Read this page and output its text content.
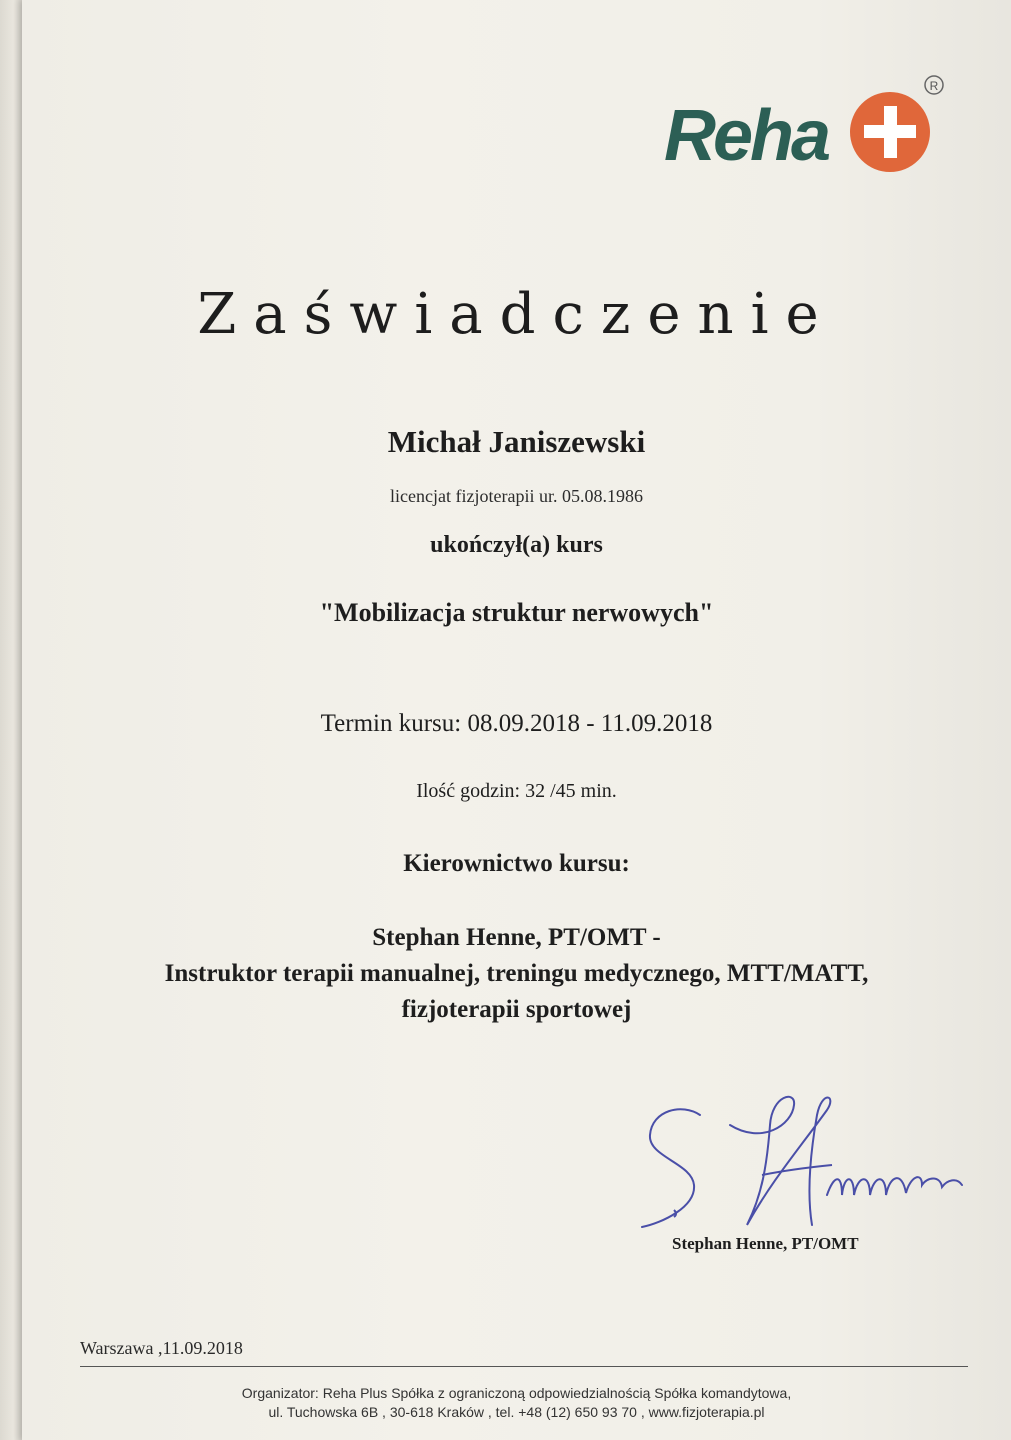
Reha
R
Zaświadczenie
Michał Janiszewski
licencjat fizjoterapii ur. 05.08.1986
ukończył(a) kurs
"Mobilizacja struktur nerwowych"
Termin kursu: 08.09.2018 - 11.09.2018
Ilość godzin: 32 /45 min.
Kierownictwo kursu:
Stephan Henne, PT/OMT -
Instruktor terapii manualnej, treningu medycznego, MTT/MATT,
fizjoterapii sportowej
Stephan Henne, PT/OMT
Warszawa ,11.09.2018
Organizator: Reha Plus Spółka z ograniczoną odpowiedzialnością Spółka komandytowa,
ul. Tuchowska 6B , 30-618 Kraków , tel. +48 (12) 650 93 70 , www.fizjoterapia.pl
